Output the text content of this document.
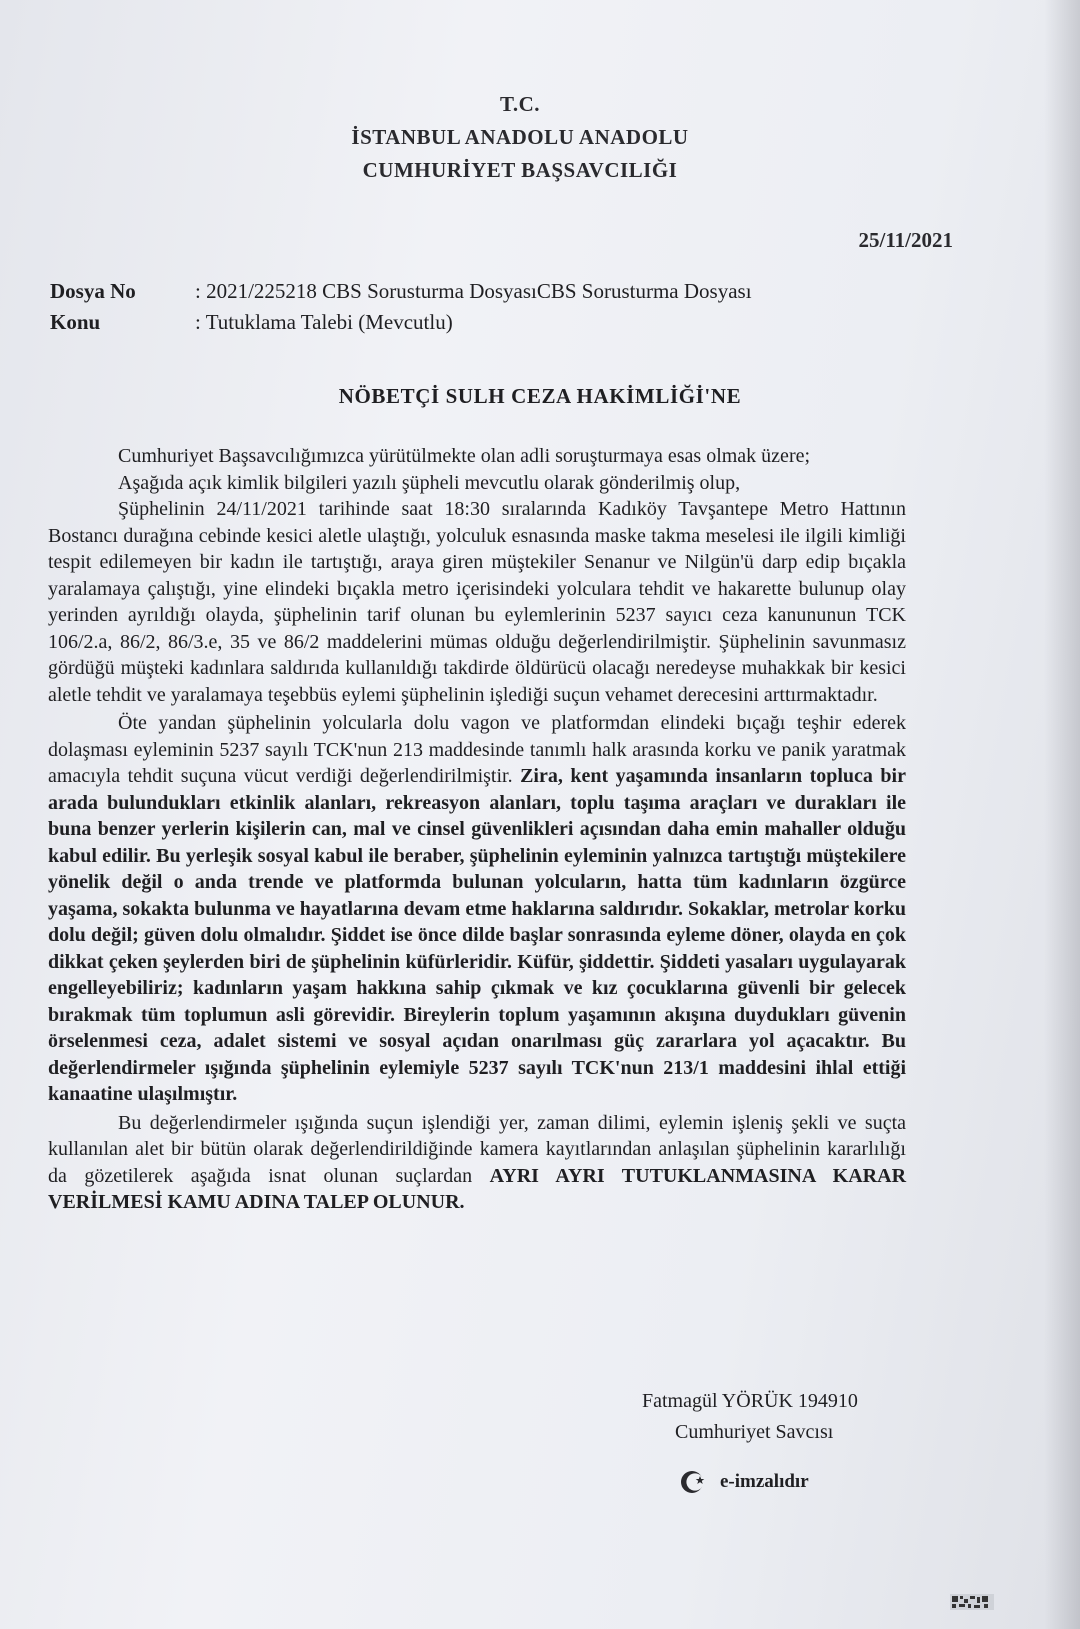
T.C.
İSTANBUL ANADOLU ANADOLU
CUMHURİYET BAŞSAVCILIĞI
25/11/2021
Dosya No	: 2021/225218 CBS Sorusturma DosyasıCBS Sorusturma Dosyası
Konu	: Tutuklama Talebi (Mevcutlu)
NÖBETÇİ SULH CEZA HAKİMLİĞİ'NE

Cumhuriyet Başsavcılığımızca yürütülmekte olan adli soruşturmaya esas olmak üzere;

Aşağıda açık kimlik bilgileri yazılı şüpheli mevcutlu olarak gönderilmiş olup,

Şüphelinin 24/11/2021 tarihinde saat 18:30 sıralarında Kadıköy Tavşantepe Metro Hattının Bostancı durağına cebinde kesici aletle ulaştığı, yolculuk esnasında maske takma meselesi ile ilgili kimliği tespit edilemeyen bir kadın ile tartıştığı, araya giren müştekiler Senanur ve Nilgün'ü darp edip bıçakla yaralamaya çalıştığı, yine elindeki bıçakla metro içerisindeki yolculara tehdit ve hakarette bulunup olay yerinden ayrıldığı olayda, şüphelinin tarif olunan bu eylemlerinin 5237 sayıcı ceza kanununun TCK 106/2.a, 86/2, 86/3.e, 35 ve 86/2 maddelerini mümas olduğu değerlendirilmiştir. Şüphelinin savunmasız gördüğü müşteki kadınlara saldırıda kullanıldığı takdirde öldürücü olacağı neredeyse muhakkak bir kesici aletle tehdit ve yaralamaya teşebbüs eylemi şüphelinin işlediği suçun vehamet derecesini arttırmaktadır.

Öte yandan şüphelinin yolcularla dolu vagon ve platformdan elindeki bıçağı teşhir ederek dolaşması eyleminin 5237 sayılı TCK'nun 213 maddesinde tanımlı halk arasında korku ve panik yaratmak amacıyla tehdit suçuna vücut verdiği değerlendirilmiştir. Zira, kent yaşamında insanların topluca bir arada bulundukları etkinlik alanları, rekreasyon alanları, toplu taşıma araçları ve durakları ile buna benzer yerlerin kişilerin can, mal ve cinsel güvenlikleri açısından daha emin mahaller olduğu kabul edilir. Bu yerleşik sosyal kabul ile beraber, şüphelinin eyleminin yalnızca tartıştığı müştekilere yönelik değil o anda trende ve platformda bulunan yolcuların, hatta tüm kadınların özgürce yaşama, sokakta bulunma ve hayatlarına devam etme haklarına saldırıdır. Sokaklar, metrolar korku dolu değil; güven dolu olmalıdır. Şiddet ise önce dilde başlar sonrasında eyleme döner, olayda en çok dikkat çeken şeylerden biri de şüphelinin küfürleridir. Küfür, şiddettir. Şiddeti yasaları uygulayarak engelleyebiliriz; kadınların yaşam hakkına sahip çıkmak ve kız çocuklarına güvenli bir gelecek bırakmak tüm toplumun asli görevidir. Bireylerin toplum yaşamının akışına duydukları güvenin örselenmesi ceza, adalet sistemi ve sosyal açıdan onarılması güç zararlara yol açacaktır. Bu değerlendirmeler ışığında şüphelinin eylemiyle 5237 sayılı TCK'nun 213/1 maddesini ihlal ettiği kanaatine ulaşılmıştır.

Bu değerlendirmeler ışığında suçun işlendiği yer, zaman dilimi, eylemin işleniş şekli ve suçta kullanılan alet bir bütün olarak değerlendirildiğinde kamera kayıtlarından anlaşılan şüphelinin kararlılığı da gözetilerek aşağıda isnat olunan suçlardan AYRI AYRI TUTUKLANMASINA KARAR VERİLMESİ KAMU ADINA TALEP OLUNUR.

Fatmagül YÖRÜK 194910
Cumhuriyet Savcısı
e-imzalıdır
